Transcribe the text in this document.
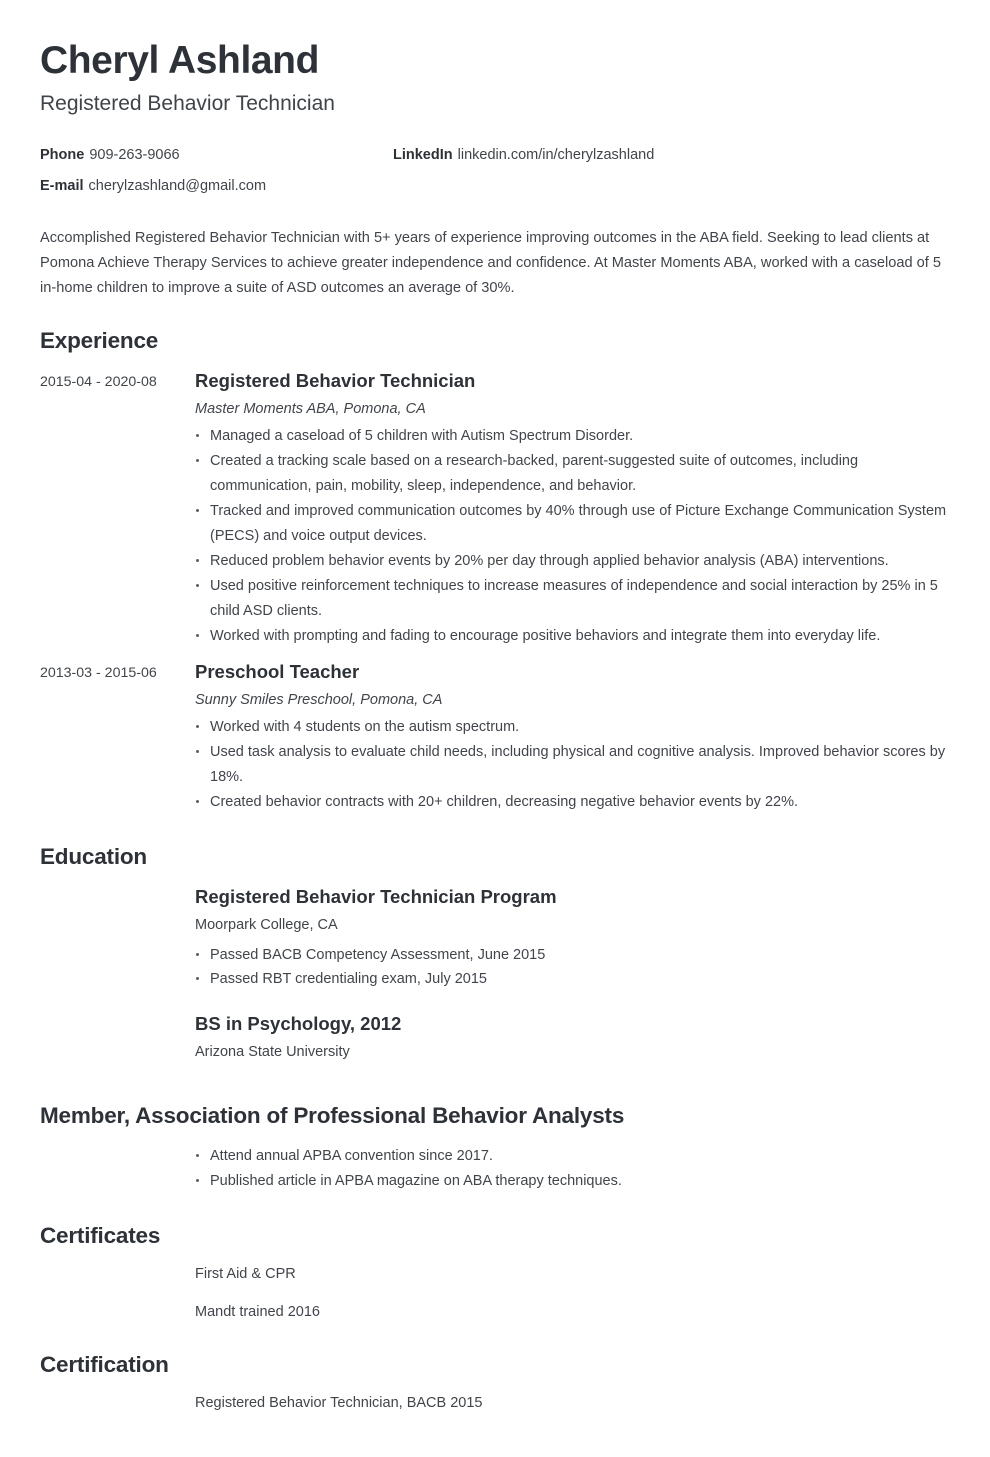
Cheryl Ashland
Registered Behavior Technician
Phone 909-263-9066	LinkedIn linkedin.com/in/cherylzashland
E-mail cherylzashland@gmail.com

Accomplished Registered Behavior Technician with 5+ years of experience improving outcomes in the ABA field. Seeking to lead clients at Pomona Achieve Therapy Services to achieve greater independence and confidence. At Master Moments ABA, worked with a caseload of 5 in-home children to improve a suite of ASD outcomes an average of 30%.

Experience
2015-04 - 2020-08	Registered Behavior Technician
Master Moments ABA, Pomona, CA
Managed a caseload of 5 children with Autism Spectrum Disorder.
Created a tracking scale based on a research-backed, parent-suggested suite of outcomes, including communication, pain, mobility, sleep, independence, and behavior.
Tracked and improved communication outcomes by 40% through use of Picture Exchange Communication System (PECS) and voice output devices.
Reduced problem behavior events by 20% per day through applied behavior analysis (ABA) interventions.
Used positive reinforcement techniques to increase measures of independence and social interaction by 25% in 5 child ASD clients.
Worked with prompting and fading to encourage positive behaviors and integrate them into everyday life.
2013-03 - 2015-06	Preschool Teacher
Sunny Smiles Preschool, Pomona, CA
Worked with 4 students on the autism spectrum.
Used task analysis to evaluate child needs, including physical and cognitive analysis. Improved behavior scores by 18%.
Created behavior contracts with 20+ children, decreasing negative behavior events by 22%.
Education
Registered Behavior Technician Program
Moorpark College, CA
Passed BACB Competency Assessment, June 2015
Passed RBT credentialing exam, July 2015
BS in Psychology, 2012
Arizona State University
Member, Association of Professional Behavior Analysts
Attend annual APBA convention since 2017.
Published article in APBA magazine on ABA therapy techniques.
Certificates
First Aid & CPR
Mandt trained 2016
Certification
Registered Behavior Technician, BACB 2015
